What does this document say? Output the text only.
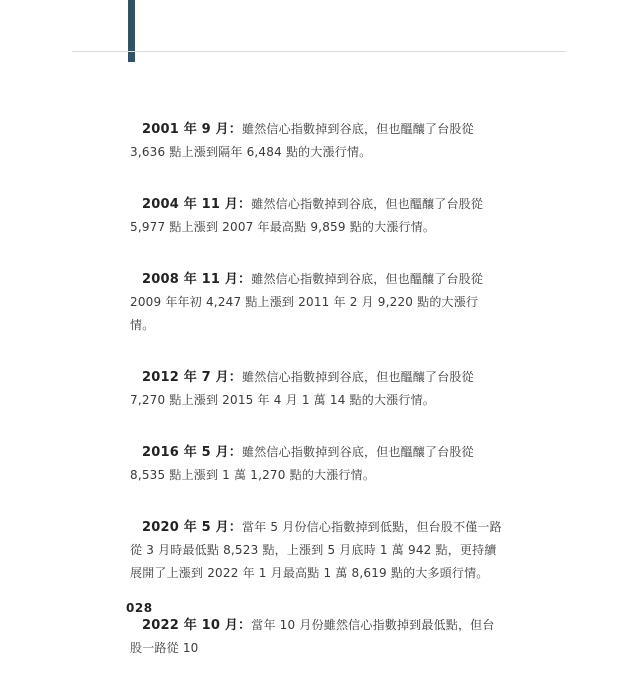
2001 年 9 月：雖然信心指數掉到谷底，但也醞釀了台股從 3,636 點上漲到隔年 6,484 點的大漲行情。

2004 年 11 月：雖然信心指數掉到谷底，但也醞釀了台股從 5,977 點上漲到 2007 年最高點 9,859 點的大漲行情。

2008 年 11 月：雖然信心指數掉到谷底，但也醞釀了台股從 2009 年年初 4,247 點上漲到 2011 年 2 月 9,220 點的大漲行情。

2012 年 7 月：雖然信心指數掉到谷底，但也醞釀了台股從 7,270 點上漲到 2015 年 4 月 1 萬 14 點的大漲行情。

2016 年 5 月：雖然信心指數掉到谷底，但也醞釀了台股從 8,535 點上漲到 1 萬 1,270 點的大漲行情。

2020 年 5 月：當年 5 月份信心指數掉到低點，但台股不僅一路從 3 月時最低點 8,523 點，上漲到 5 月底時 1 萬 942 點，更持續展開了上漲到 2022 年 1 月最高點 1 萬 8,619 點的大多頭行情。

2022 年 10 月：當年 10 月份雖然信心指數掉到最低點，但台股一路從 10

028
